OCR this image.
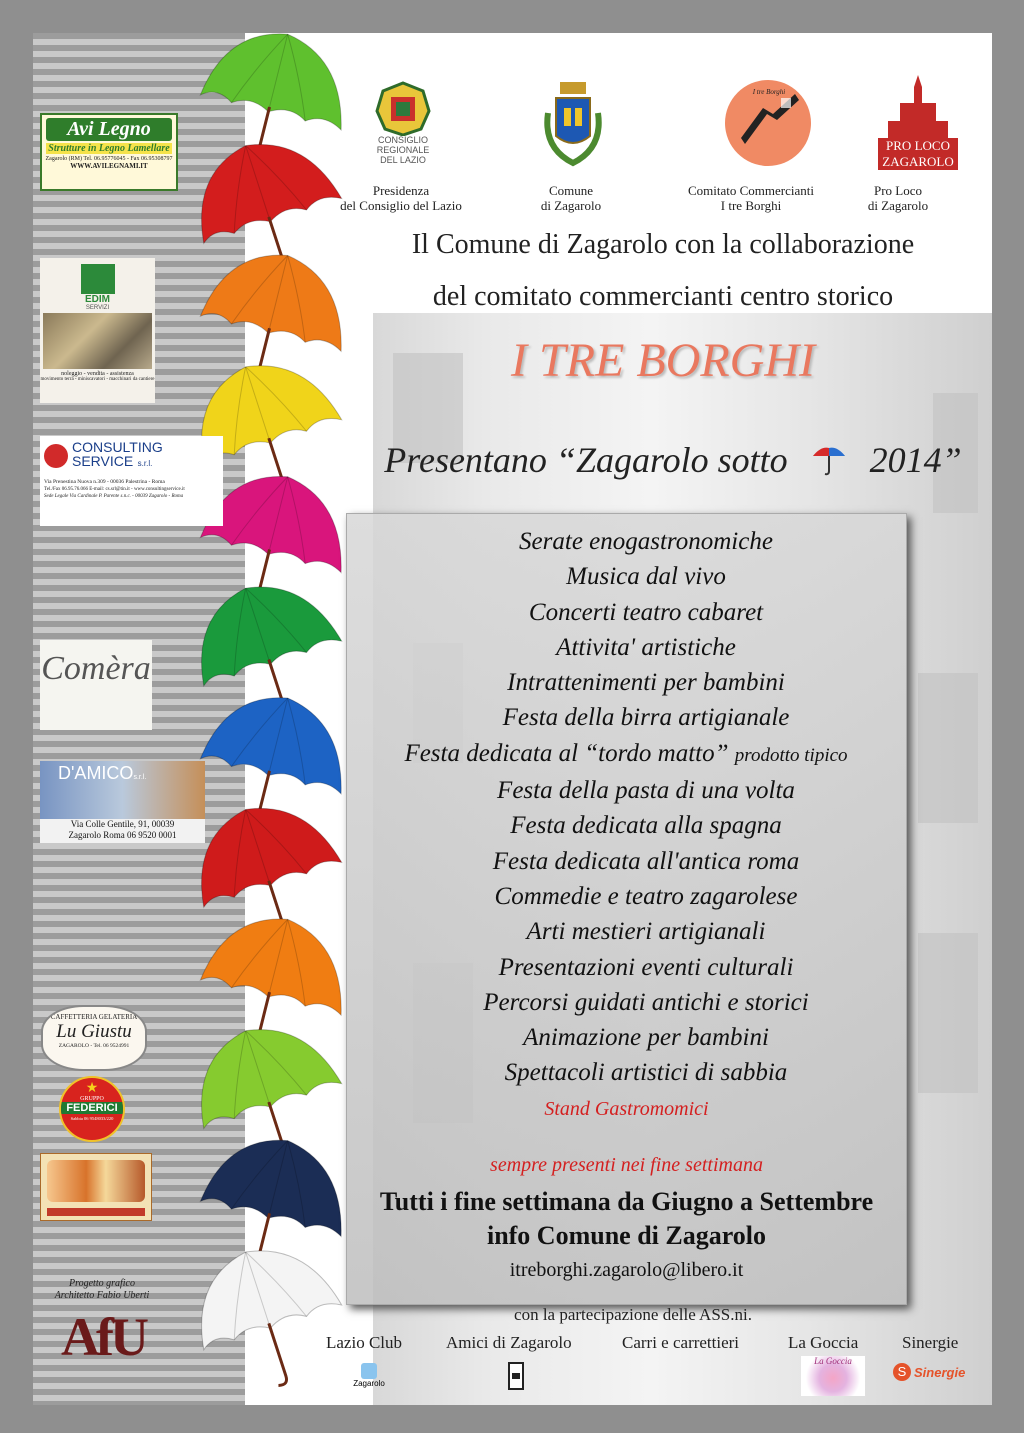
Avi Legno
Strutture in Legno Lamellare
Zagarolo (RM) Tel. 06.95776045 - Fax 06.95308797
WWW.AVILEGNAMI.IT
EDIM
SERVIZI
noleggio - vendita - assistenza
movimento terra - miniscavatori - macchinari da cantiere
CONSULTING
SERVICE s.r.l.
Via Prenestina Nuova n.309 - 00036 Palestrina - Roma
Tel./Fax 06.95.76.066 E-mail: cs.srl@tin.it - www.consultingservice.it
Sede Legale Via Cardinale P. Parente s.n.c. - 00039 Zagarolo - Roma
Comèra
D'AMICOs.r.l.
Via Colle Gentile, 91, 00039
Zagarolo Roma 06 9520 0001
CAFFETTERIA GELATERIA
Lu Giustu
ZAGAROLO - Tel. 06 9524991
★
GRUPPO
FEDERICI
Sabbia 06 9548033/220
Progetto grafico
Architetto Fabio Uberti
AfU
CONSIGLIO REGIONALE DEL LAZIO
I tre Borghi
PRO LOCO ZAGAROLO
Presidenza
del Consiglio del Lazio
Comune
di Zagarolo
Comitato Commercianti
I tre Borghi
Pro Loco
di Zagarolo
Il Comune di Zagarolo con la collaborazione
del comitato commercianti centro storico
I TRE BORGHI
Presentano “Zagarolo sotto 2014”
Serate enogastronomiche
Musica dal vivo
Concerti teatro cabaret
Attivita' artistiche
Intrattenimenti per bambini
Festa della birra artigianale
Festa dedicata al “tordo matto” prodotto tipico
Festa della pasta di una volta
Festa dedicata alla spagna
Festa dedicata all'antica roma
Commedie e teatro zagarolese
Arti mestieri artigianali
Presentazioni eventi culturali
Percorsi guidati antichi e storici
Animazione per bambini
Spettacoli artistici di sabbia
Stand Gastromomici
sempre presenti nei fine settimana
Tutti i fine settimana da Giugno a Settembre
info Comune di Zagarolo
itreborghi.zagarolo@libero.it
con la partecipazione delle ASS.ni.
Lazio Club	Amici di Zagarolo	Carri e carrettieri	La Goccia	Sinergie
Zagarolo
La Goccia
S Sinergie
